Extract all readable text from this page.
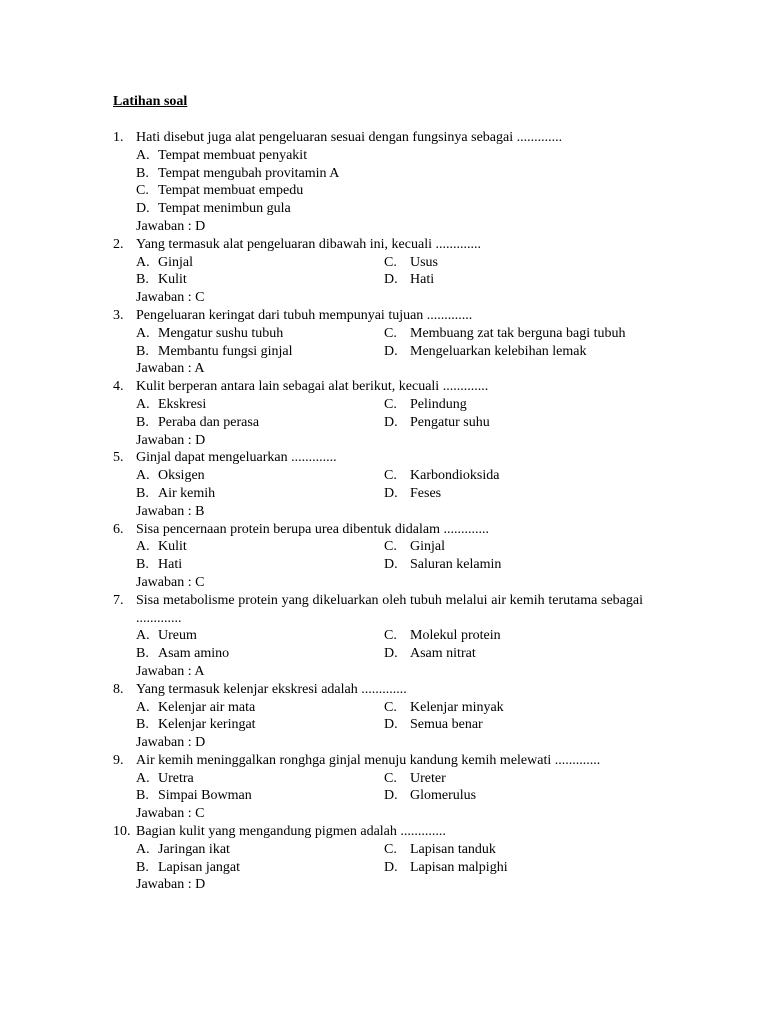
Latihan soal
1. Hati disebut juga alat pengeluaran sesuai dengan fungsinya sebagai .............
A. Tempat membuat penyakit
B. Tempat mengubah provitamin A
C. Tempat membuat empedu
D. Tempat menimbun gula
Jawaban : D
2. Yang termasuk alat pengeluaran dibawah ini, kecuali .............
A. Ginjal	C. Usus
B. Kulit	D. Hati
Jawaban : C
3. Pengeluaran keringat dari tubuh mempunyai tujuan .............
A. Mengatur sushu tubuh	C. Membuang zat tak berguna bagi tubuh
B. Membantu fungsi ginjal	D. Mengeluarkan kelebihan lemak
Jawaban : A
4. Kulit berperan antara lain sebagai alat berikut, kecuali .............
A. Ekskresi	C. Pelindung
B. Peraba dan perasa	D. Pengatur suhu
Jawaban : D
5. Ginjal dapat mengeluarkan .............
A. Oksigen	C. Karbondioksida
B. Air kemih	D. Feses
Jawaban : B
6. Sisa pencernaan protein berupa urea dibentuk didalam .............
A. Kulit	C. Ginjal
B. Hati	D. Saluran kelamin
Jawaban : C
7. Sisa metabolisme protein yang dikeluarkan oleh tubuh melalui air kemih terutama sebagai .............
A. Ureum	C. Molekul protein
B. Asam amino	D. Asam nitrat
Jawaban : A
8. Yang termasuk kelenjar ekskresi adalah .............
A. Kelenjar air mata	C. Kelenjar minyak
B. Kelenjar keringat	D. Semua benar
Jawaban : D
9. Air kemih meninggalkan ronghga ginjal menuju kandung kemih melewati .............
A. Uretra	C. Ureter
B. Simpai Bowman	D. Glomerulus
Jawaban : C
10. Bagian kulit yang mengandung pigmen adalah .............
A. Jaringan ikat	C. Lapisan tanduk
B. Lapisan jangat	D. Lapisan malpighi
Jawaban : D
